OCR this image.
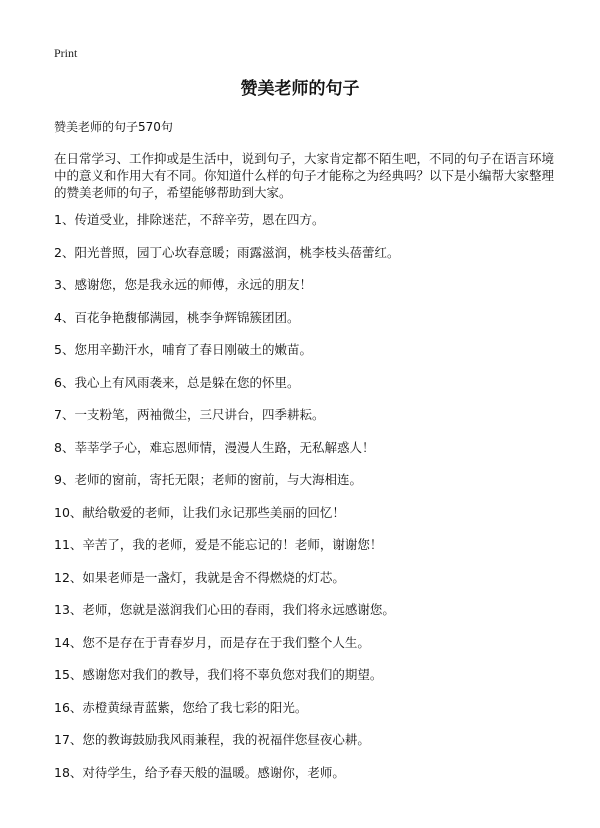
Print
赞美老师的句子

赞美老师的句子570句

在日常学习、工作抑或是生活中，说到句子，大家肯定都不陌生吧，不同的句子在语言环境中的意义和作用大有不同。你知道什么样的句子才能称之为经典吗？以下是小编帮大家整理的赞美老师的句子，希望能够帮助到大家。

1、传道受业，排除迷茫，不辞辛劳，恩在四方。
2、阳光普照，园丁心坎春意暖；雨露滋润，桃李枝头蓓蕾红。
3、感谢您，您是我永远的师傅，永远的朋友！
4、百花争艳馥郁满园，桃李争辉锦簇团团。
5、您用辛勤汗水，哺育了春日刚破土的嫩苗。
6、我心上有风雨袭来，总是躲在您的怀里。
7、一支粉笔，两袖微尘，三尺讲台，四季耕耘。
8、莘莘学子心，难忘恩师情，漫漫人生路，无私解惑人！
9、老师的窗前，寄托无限；老师的窗前，与大海相连。
10、献给敬爱的老师，让我们永记那些美丽的回忆！
11、辛苦了，我的老师，爱是不能忘记的！老师，谢谢您！
12、如果老师是一盏灯，我就是舍不得燃烧的灯芯。
13、老师，您就是滋润我们心田的春雨，我们将永远感谢您。
14、您不是存在于青春岁月，而是存在于我们整个人生。
15、感谢您对我们的教导，我们将不辜负您对我们的期望。
16、赤橙黄绿青蓝紫，您给了我七彩的阳光。
17、您的教诲鼓励我风雨兼程，我的祝福伴您昼夜心耕。
18、对待学生，给予春天般的温暖。感谢你，老师。
